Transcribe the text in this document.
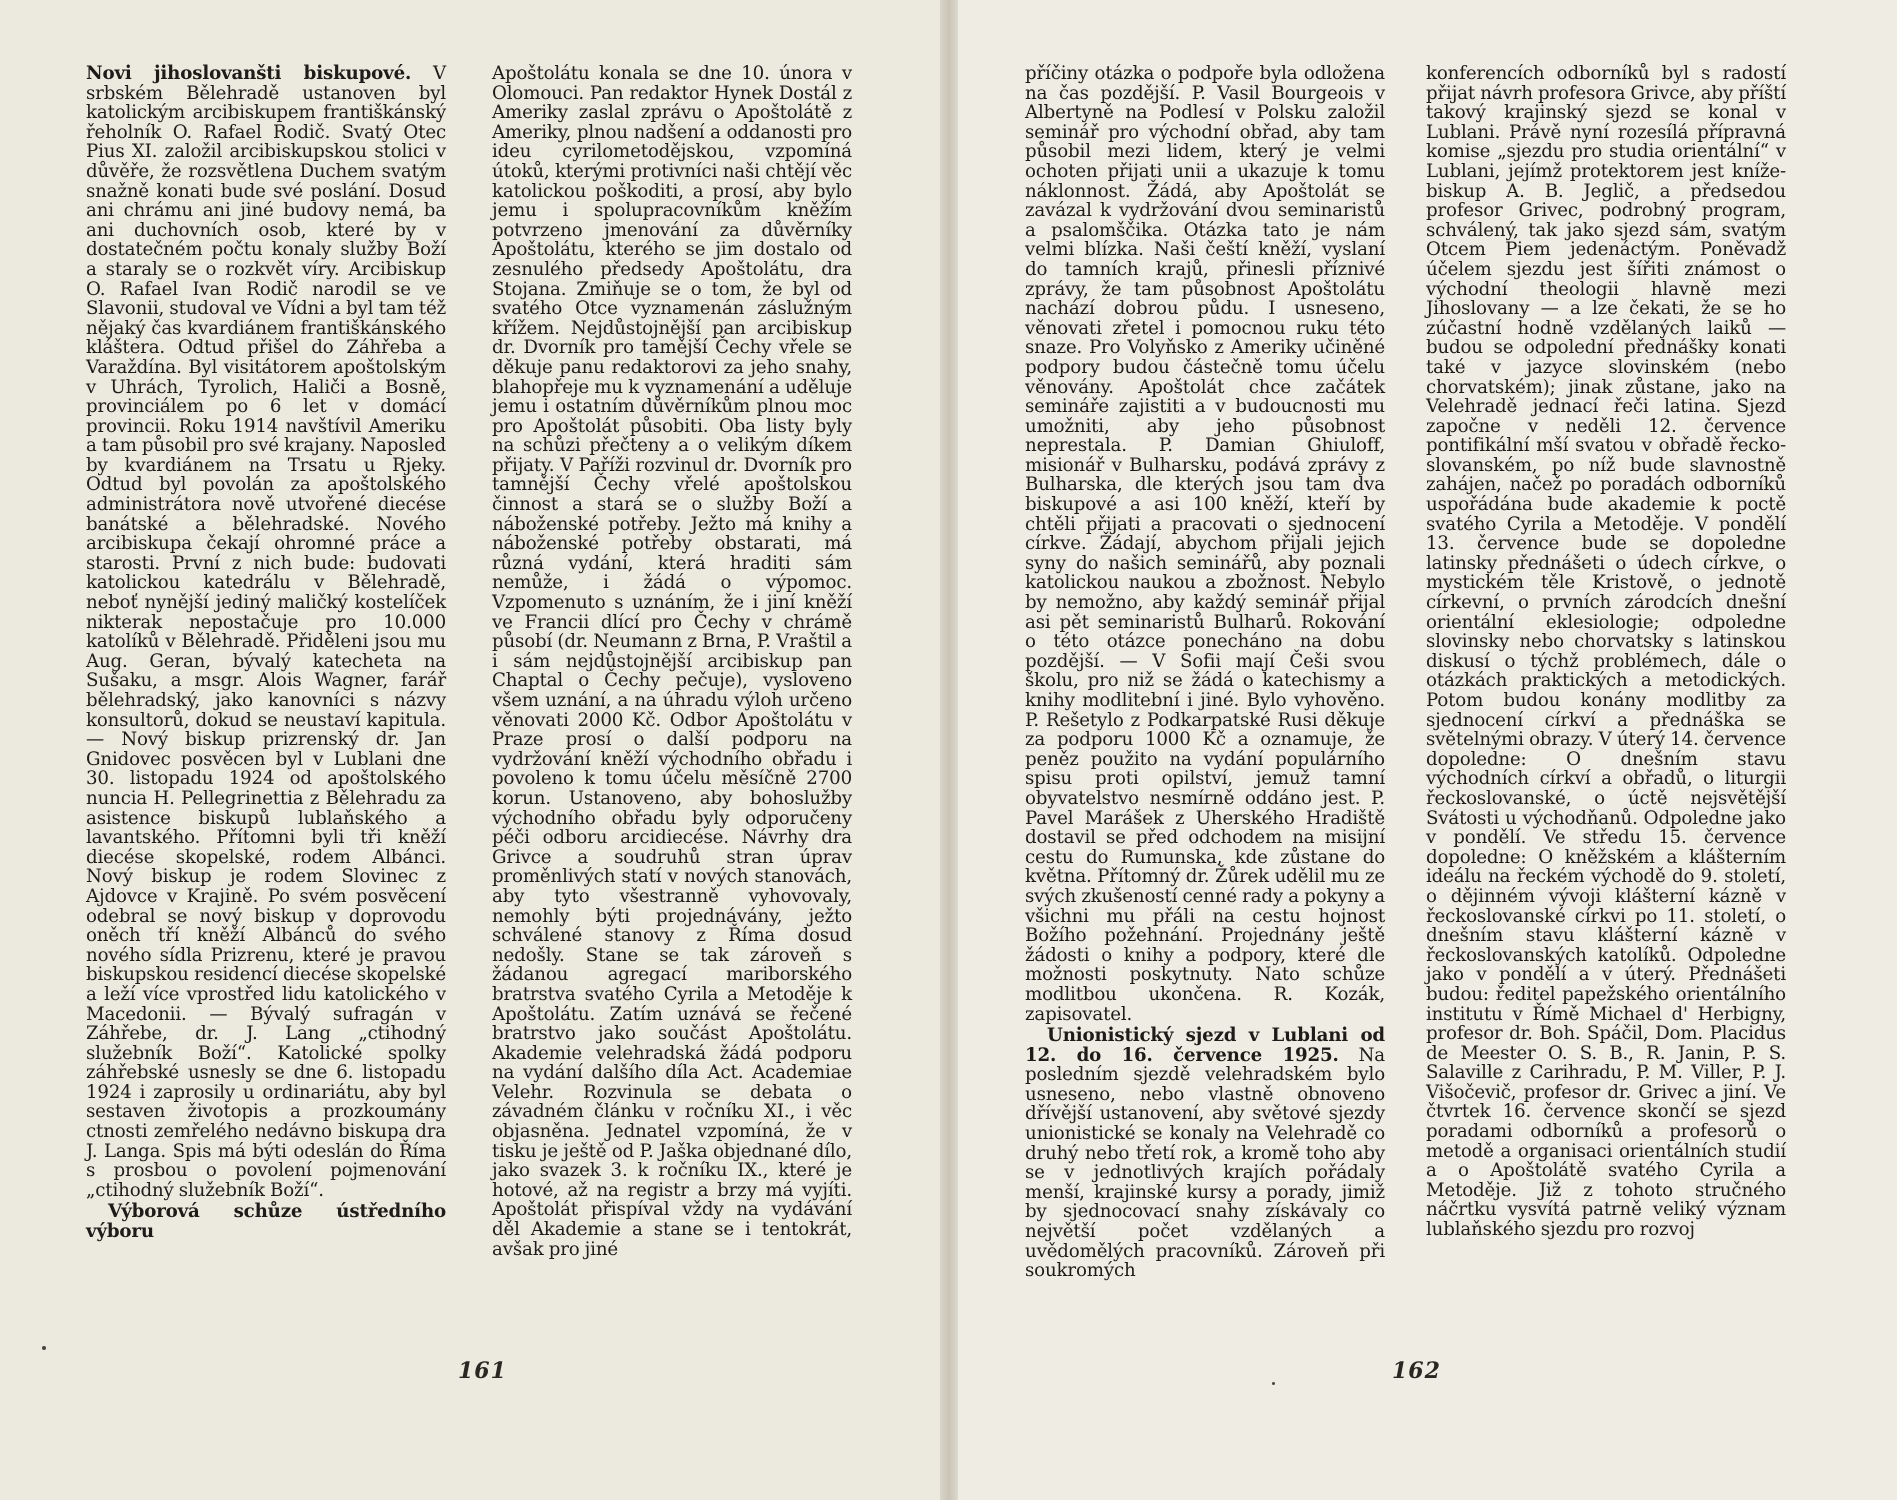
Novi jihoslovanšti biskupové. V srbském Bělehradě ustanoven byl katolickým arcibiskupem františkánský řeholník O. Rafael Rodič. Svatý Otec Pius XI. založil arcibiskupskou stolici v důvěře, že rozsvětlena Duchem svatým snažně konati bude své poslání. Dosud ani chrámu ani jiné budovy nemá, ba ani duchovních osob, které by v dostatečném počtu konaly služby Boží a staraly se o rozkvět víry. Arcibiskup O. Rafael Ivan Rodič narodil se ve Slavonii, studoval ve Vídni a byl tam též nějaký čas kvardiánem františkánského kláštera. Odtud přišel do Záhřeba a Varaždína. Byl visitátorem apoštolským v Uhrách, Tyrolich, Haliči a Bosně, provinciálem po 6 let v domácí provincii. Roku 1914 navštívil Ameriku a tam působil pro své krajany. Naposled by kvardiánem na Trsatu u Rjeky. Odtud byl povolán za apoštolského administrátora nově utvořené diecése banátské a bělehradské. Nového arcibiskupa čekají ohromné práce a starosti. První z nich bude: budovati katolickou katedrálu v Bělehradě, neboť nynější jediný maličký kostelíček nikterak nepostačuje pro 10.000 katolíků v Bělehradě. Přiděleni jsou mu Aug. Geran, bývalý katecheta na Sušaku, a msgr. Alois Wagner, farář bělehradský, jako kanovníci s názvy konsultorů, dokud se neustaví kapitula. — Nový biskup prizrenský dr. Jan Gnidovec posvěcen byl v Lublani dne 30. listopadu 1924 od apoštolského nuncia H. Pellegrinettia z Bělehradu za asistence biskupů lublaňského a lavantského. Přítomni byli tři kněží diecése skopelské, rodem Albánci. Nový biskup je rodem Slovinec z Ajdovce v Krajině. Po svém posvěcení odebral se nový biskup v doprovodu oněch tří kněží Albánců do svého nového sídla Prizrenu, které je pravou biskupskou residencí diecése skopelské a leží více vprostřed lidu katolického v Macedonii. — Bývalý sufragán v Záhřebe, dr. J. Lang „ctihodný služebník Boží“. Katolické spolky záhřebské usnesly se dne 6. listopadu 1924 i zaprosily u ordinariátu, aby byl sestaven životopis a prozkoumány ctnosti zemřelého nedávno biskupa dra J. Langa. Spis má býti odeslán do Říma s prosbou o povolení pojmenování „ctihodný služebník Boží“.

Výborová schůze ústředního výboru

Apoštolátu konala se dne 10. února v Olomouci. Pan redaktor Hynek Dostál z Ameriky zaslal zprávu o Apoštolátě z Ameriky, plnou nadšení a oddanosti pro ideu cyrilometodějskou, vzpomíná útoků, kterými protivníci naši chtějí věc katolickou poškoditi, a prosí, aby bylo jemu i spolupracovníkům kněžím potvrzeno jmenování za důvěrníky Apoštolátu, kterého se jim dostalo od zesnulého předsedy Apoštolátu, dra Stojana. Zmiňuje se o tom, že byl od svatého Otce vyznamenán záslužným křížem. Nejdůstojnější pan arcibiskup dr. Dvorník pro tamější Čechy vřele se děkuje panu redaktorovi za jeho snahy, blahopřeje mu k vyznamenání a uděluje jemu i ostatním důvěrníkům plnou moc pro Apoštolát působiti. Oba listy byly na schůzi přečteny a o velikým díkem přijaty. V Paříži rozvinul dr. Dvorník pro tamnější Čechy vřelé apoštolskou činnost a stará se o služby Boží a náboženské potřeby. Ježto má knihy a náboženské potřeby obstarati, má různá vydání, která hraditi sám nemůže, i žádá o výpomoc. Vzpomenuto s uznáním, že i jiní kněží ve Francii dlící pro Čechy v chrámě působí (dr. Neumann z Brna, P. Vraštil a i sám nejdůstojnější arcibiskup pan Chaptal o Čechy pečuje), vysloveno všem uznání, a na úhradu výloh určeno věnovati 2000 Kč. Odbor Apoštolátu v Praze prosí o další podporu na vydržování kněží východního obřadu i povoleno k tomu účelu měsíčně 2700 korun. Ustanoveno, aby bohoslužby východního obřadu byly odporučeny péči odboru arcidiecése. Návrhy dra Grivce a soudruhů stran úprav proměnlivých statí v nových stanovách, aby tyto všestranně vyhovovaly, nemohly býti projednávány, ježto schválené stanovy z Říma dosud nedošly. Stane se tak zároveň s žádanou agregací mariborského bratrstva svatého Cyrila a Metoděje k Apoštolátu. Zatím uznává se řečené bratrstvo jako součást Apoštolátu. Akademie velehradská žádá podporu na vydání dalšího díla Act. Academiae Velehr. Rozvinula se debata o závadném článku v ročníku XI., i věc objasněna. Jednatel vzpomíná, že v tisku je ještě od P. Jaška objednané dílo, jako svazek 3. k ročníku IX., které je hotové, až na registr a brzy má vyjíti. Apoštolát přispíval vždy na vydávání děl Akademie a stane se i tentokrát, avšak pro jiné

161

příčiny otázka o podpoře byla odložena na čas pozdější. P. Vasil Bourgeois v Albertyně na Podlesí v Polsku založil seminář pro východní obřad, aby tam působil mezi lidem, který je velmi ochoten přijati unii a ukazuje k tomu náklonnost. Žádá, aby Apoštolát se zavázal k vydržování dvou seminaristů a psalomščika. Otázka tato je nám velmi blízka. Naši čeští kněží, vyslaní do tamních krajů, přinesli příznivé zprávy, že tam působnost Apoštolátu nachází dobrou půdu. I usneseno, věnovati zřetel i pomocnou ruku této snaze. Pro Volyňsko z Ameriky učiněné podpory budou částečně tomu účelu věnovány. Apoštolát chce začátek semináře zajistiti a v budoucnosti mu umožniti, aby jeho působnost neprestala. P. Damian Ghiuloff, misionář v Bulharsku, podává zprávy z Bulharska, dle kterých jsou tam dva biskupové a asi 100 kněží, kteří by chtěli přijati a pracovati o sjednocení církve. Žádají, abychom přijali jejich syny do našich seminářů, aby poznali katolickou naukou a zbožnost. Nebylo by nemožno, aby každý seminář přijal asi pět seminaristů Bulharů. Rokování o této otázce ponecháno na dobu pozdější. — V Sofii mají Češi svou školu, pro niž se žádá o katechismy a knihy modlitební i jiné. Bylo vyhověno. P. Rešetylo z Podkarpatské Rusi děkuje za podporu 1000 Kč a oznamuje, že peněz použito na vydání populárního spisu proti opilství, jemuž tamní obyvatelstvo nesmírně oddáno jest. P. Pavel Marášek z Uherského Hradiště dostavil se před odchodem na misijní cestu do Rumunska, kde zůstane do května. Přítomný dr. Žůrek udělil mu ze svých zkušeností cenné rady a pokyny a všichni mu přáli na cestu hojnost Božího požehnání. Projednány ještě žádosti o knihy a podpory, které dle možnosti poskytnuty. Nato schůze modlitbou ukončena. R. Kozák, zapisovatel.

Unionistický sjezd v Lublani od 12. do 16. července 1925. Na posledním sjezdě velehradském bylo usneseno, nebo vlastně obnoveno dřívější ustanovení, aby světové sjezdy unionistické se konaly na Velehradě co druhý nebo třetí rok, a kromě toho aby se v jednotlivých krajích pořádaly menší, krajinské kursy a porady, jimiž by sjednocovací snahy získávaly co největší počet vzdělaných a uvědomělých pracovníků. Zároveň při soukromých

konferencích odborníků byl s radostí přijat návrh profesora Grivce, aby příští takový krajinský sjezd se konal v Lublani. Právě nyní rozesílá přípravná komise „sjezdu pro studia orientální“ v Lublani, jejímž protektorem jest kníže-biskup A. B. Jeglič, a předsedou profesor Grivec, podrobný program, schválený, tak jako sjezd sám, svatým Otcem Piem jedenáctým. Poněvadž účelem sjezdu jest šířiti známost o východní theologii hlavně mezi Jihoslovany — a lze čekati, že se ho zúčastní hodně vzdělaných laiků — budou se odpolední přednášky konati také v jazyce slovinském (nebo chorvatském); jinak zůstane, jako na Velehradě jednací řeči latina. Sjezd započne v neděli 12. července pontifikální mší svatou v obřadě řecko-slovanském, po níž bude slavnostně zahájen, načež po poradách odborníků uspořádána bude akademie k poctě svatého Cyrila a Metoděje. V pondělí 13. července bude se dopoledne latinsky přednášeti o údech církve, o mystickém těle Kristově, o jednotě církevní, o prvních zárodcích dnešní orientální eklesiologie; odpoledne slovinsky nebo chorvatsky s latinskou diskusí o týchž problémech, dále o otázkách praktických a metodických. Potom budou konány modlitby za sjednocení církví a přednáška se světelnými obrazy. V úterý 14. července dopoledne: O dnešním stavu východních církví a obřadů, o liturgii řeckoslovanské, o úctě nejsvětější Svátosti u východňanů. Odpoledne jako v pondělí. Ve středu 15. července dopoledne: O kněžském a klášterním ideálu na řeckém východě do 9. století, o dějinném vývoji klášterní kázně v řeckoslovanské církvi po 11. století, o dnešním stavu klášterní kázně v řeckoslovanských katolíků. Odpoledne jako v pondělí a v úterý. Přednášeti budou: ředitel papežského orientálního institutu v Římě Michael d' Herbigny, profesor dr. Boh. Spáčil, Dom. Placidus de Meester O. S. B., R. Janin, P. S. Salaville z Carihradu, P. M. Viller, P. J. Višočevič, profesor dr. Grivec a jiní. Ve čtvrtek 16. července skončí se sjezd poradami odborníků a profesorů o metodě a organisaci orientálních studií a o Apoštolátě svatého Cyrila a Metoděje. Již z tohoto stručného náčrtku vysvítá patrně veliký význam lublaňského sjezdu pro rozvoj

162
